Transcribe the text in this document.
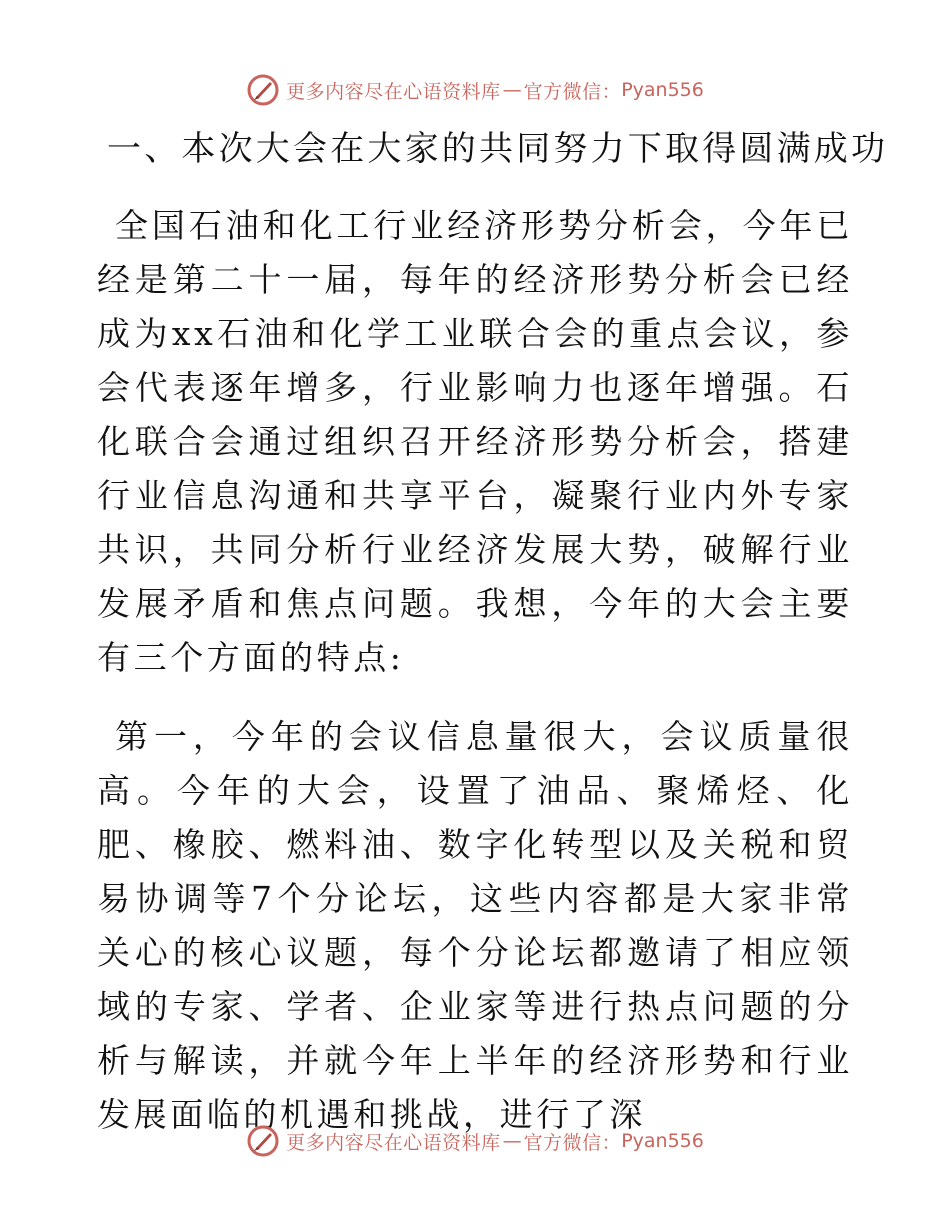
更多内容尽在心语资料库 — 官方微信： Pyan556
一、本次大会在大家的共同努力下取得圆满成功

全国石油和化工行业经济形势分析会，今年已经是第二十一届，每年的经济形势分析会已经成为xx石油和化学工业联合会的重点会议，参会代表逐年增多，行业影响力也逐年增强。石化联合会通过组织召开经济形势分析会，搭建行业信息沟通和共享平台，凝聚行业内外专家共识，共同分析行业经济发展大势，破解行业发展矛盾和焦点问题。我想，今年的大会主要有三个方面的特点:

第一，今年的会议信息量很大，会议质量很高。今年的大会，设置了油品、聚烯烃、化肥、橡胶、燃料油、数字化转型以及关税和贸易协调等7个分论坛，这些内容都是大家非常关心的核心议题，每个分论坛都邀请了相应领域的专家、学者、企业家等进行热点问题的分析与解读，并就今年上半年的经济形势和行业发展面临的机遇和挑战，进行了深

更多内容尽在心语资料库 — 官方微信： Pyan556
